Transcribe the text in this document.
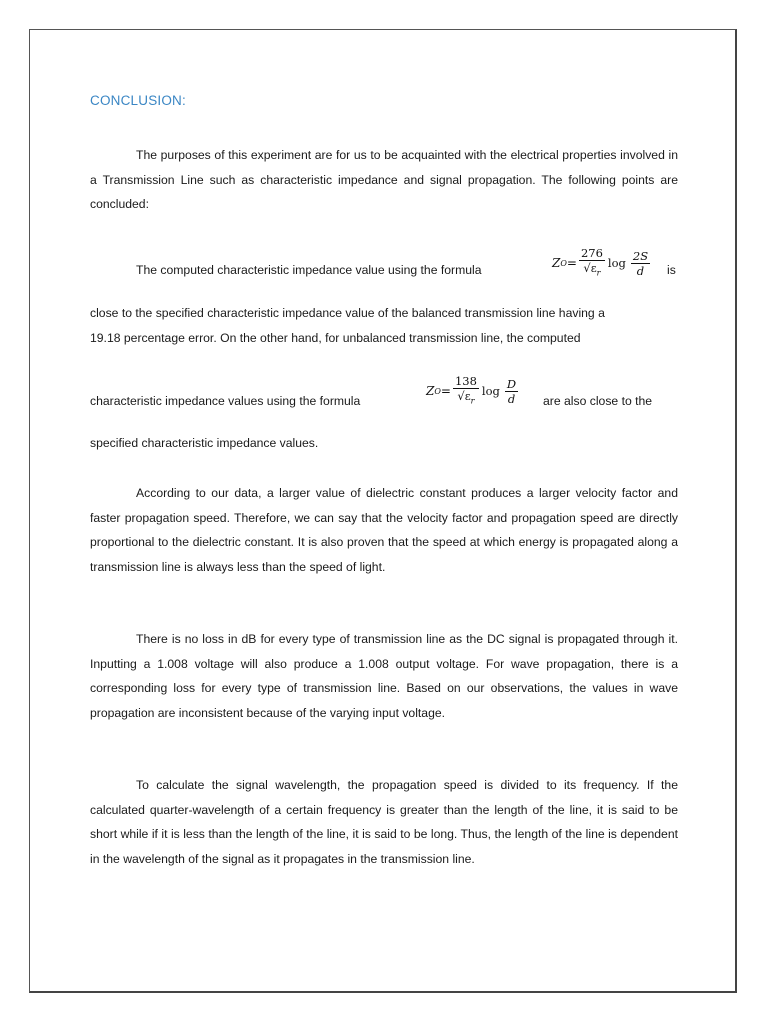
CONCLUSION:

The purposes of this experiment are for us to be acquainted with the electrical properties involved in a Transmission Line such as characteristic impedance and signal propagation. The following points are concluded:

The computed characteristic impedance value using the formula	Z $O = \frac{276}{√\varepsilon_r}$ $\log \frac{2S}{d}$ is
close to the specified characteristic impedance value of the balanced transmission line having a
19.18 percentage error. On the other hand, for unbalanced transmission line, the computed
characteristic impedance values using the formula
Z $O = \frac{138}{√\varepsilon_r}$ $\log \frac{D}{d}$ are also close to the
specified characteristic impedance values.

According to our data, a larger value of dielectric constant produces a larger velocity factor and faster propagation speed. Therefore, we can say that the velocity factor and propagation speed are directly proportional to the dielectric constant. It is also proven that the speed at which energy is propagated along a transmission line is always less than the speed of light.

There is no loss in dB for every type of transmission line as the DC signal is propagated through it. Inputting a 1.008 voltage will also produce a 1.008 output voltage. For wave propagation, there is a corresponding loss for every type of transmission line. Based on our observations, the values in wave propagation are inconsistent because of the varying input voltage.

To calculate the signal wavelength, the propagation speed is divided to its frequency. If the calculated quarter-wavelength of a certain frequency is greater than the length of the line, it is said to be short while if it is less than the length of the line, it is said to be long. Thus, the length of the line is dependent in the wavelength of the signal as it propagates in the transmission line.
